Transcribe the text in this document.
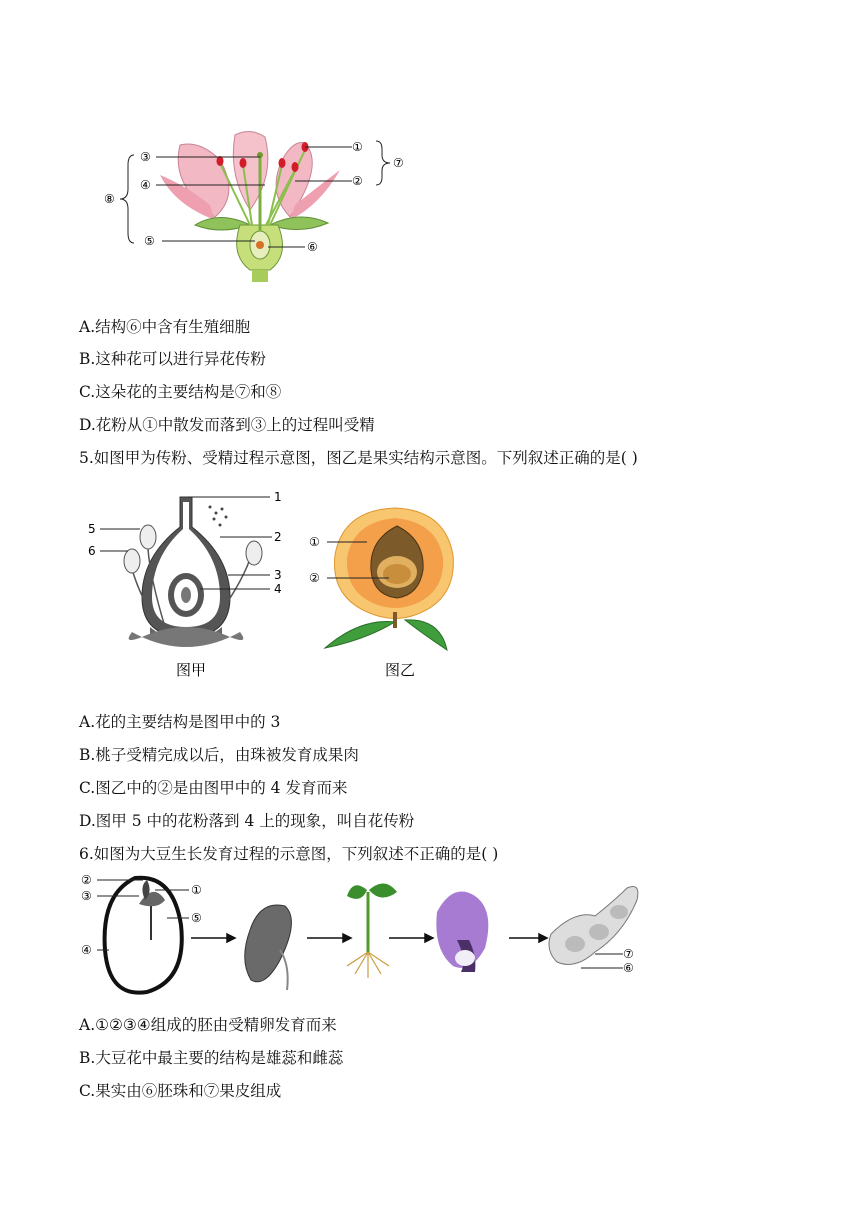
③
④
⑤	⑥
①
②
⑦
⑧
A.结构⑥中含有生殖细胞
B.这种花可以进行异花传粉
C.这朵花的主要结构是⑦和⑧
D.花粉从①中散发而落到③上的过程叫受精
5.如图甲为传粉、受精过程示意图，图乙是果实结构示意图。下列叙述正确的是( )
1
2
3
4
5
6
图甲
①
②
图乙
A.花的主要结构是图甲中的 3
B.桃子受精完成以后，由珠被发育成果肉
C.图乙中的②是由图甲中的 4 发育而来
D.图甲 5 中的花粉落到 4 上的现象，叫自花传粉
6.如图为大豆生长发育过程的示意图，下列叙述不正确的是( )
②
③	①
⑤
④	⑦
⑥
A.①②③④组成的胚由受精卵发育而来
B.大豆花中最主要的结构是雄蕊和雌蕊
C.果实由⑥胚珠和⑦果皮组成
